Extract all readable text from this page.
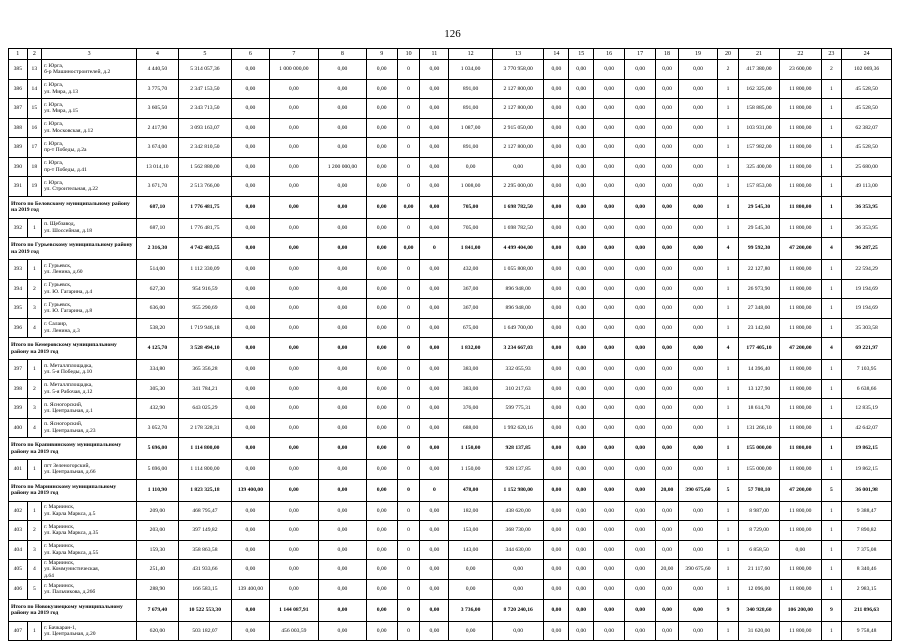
126
1	2	3	4	5	6	7	8	9	10	11	12	13	14	15	16	17	18	19	20	21	22	23	24
385	13	г. Юрга,
б-р Машиностроителей, д.2	4 440,50	5 314 057,36	0,00	1 000 000,00	0,00	0,00	0	0,00	1 034,00	3 770 958,00	0,00	0,00	0,00	0,00	0,00	0,00	2	417 380,00	23 600,00	2	102 069,36
386	14	г. Юрга,
ул. Мира, д.13	3 775,70	2 347 153,50	0,00	0,00	0,00	0,00	0	0,00	891,00	2 127 800,00	0,00	0,00	0,00	0,00	0,00	0,00	1	162 325,00	11 800,00	1	45 528,50
387	15	г. Юрга,
ул. Мира, д.15	3 605,50	2 343 713,50	0,00	0,00	0,00	0,00	0	0,00	891,00	2 127 800,00	0,00	0,00	0,00	0,00	0,00	0,00	1	158 885,00	11 800,00	1	45 528,50
388	16	г. Юрга,
ул. Московская, д.12	2 417,90	3 093 163,07	0,00	0,00	0,00	0,00	0	0,00	1 087,00	2 915 050,00	0,00	0,00	0,00	0,00	0,00	0,00	1	103 931,00	11 800,00	1	62 382,07
389	17	г. Юрга,
пр-т Победы, д.2а	3 674,00	2 342 810,50	0,00	0,00	0,00	0,00	0	0,00	891,00	2 127 800,00	0,00	0,00	0,00	0,00	0,00	0,00	1	157 982,00	11 800,00	1	45 528,50
390	18	г. Юрга,
пр-т Победы, д.41	13 014,10	1 562 880,00	0,00	0,00	1 200 000,00	0,00	0	0,00	0,00	0,00	0,00	0,00	0,00	0,00	0,00	0,00	1	325 400,00	11 800,00	1	25 680,00
391	19	г. Юрга,
ул. Строительная, д.22	3 671,70	2 513 766,00	0,00	0,00	0,00	0,00	0	0,00	1 008,00	2 295 000,00	0,00	0,00	0,00	0,00	0,00	0,00	1	157 853,00	11 800,00	1	49 113,00
Итого по Беловскому муниципальному району на 2019 год			687,10	1 776 481,75	0,00	0,00	0,00	0,00	0,00	0,00	705,00	1 698 782,50	0,00	0,00	0,00	0,00	0,00	0,00	1	29 545,30	11 800,00	1	36 353,95
392	1	п. Щебзавод,
ул. Шоссейная, д.18	687,10	1 776 481,75	0,00	0,00	0,00	0,00	0	0,00	705,00	1 698 782,50	0,00	0,00	0,00	0,00	0,00	0,00	1	29 545,30	11 800,00	1	36 353,95
Итого по Гурьевскому муниципальному району на 2019 год			2 316,30	4 742 483,55	0,00	0,00	0,00	0,00	0,00	0	1 841,00	4 499 404,00	0,00	0,00	0,00	0,00	0,00	0,00	4	99 592,30	47 200,00	4	96 287,25
393	1	г. Гурьевск,
ул. Ленина, д.60	514,00	1 112 330,09	0,00	0,00	0,00	0,00	0	0,00	432,00	1 055 808,00	0,00	0,00	0,00	0,00	0,00	0,00	1	22 127,80	11 800,00	1	22 594,29
394	2	г. Гурьевск,
ул. Ю. Гагарина, д.4	627,30	954 916,59	0,00	0,00	0,00	0,00	0	0,00	367,00	896 948,00	0,00	0,00	0,00	0,00	0,00	0,00	1	26 973,90	11 800,00	1	19 194,69
395	3	г. Гурьевск,
ул. Ю. Гагарина, д.8	636,00	955 290,69	0,00	0,00	0,00	0,00	0	0,00	367,00	896 948,00	0,00	0,00	0,00	0,00	0,00	0,00	1	27 348,00	11 800,00	1	19 194,69
396	4	г. Салаир,
ул. Ленина, д.3	538,20	1 719 946,18	0,00	0,00	0,00	0,00	0	0,00	675,00	1 649 700,00	0,00	0,00	0,00	0,00	0,00	0,00	1	23 142,60	11 800,00	1	35 303,58
Итого по Кемеровскому муниципальному району на 2019 год			4 125,70	3 528 494,10	0,00	0,00	0,00	0,00	0	0,00	1 832,00	3 234 667,03	0,00	0,00	0,00	0,00	0,00	0,00	4	177 405,10	47 200,00	4	69 221,97
397	1	п. Металлплощадка,
ул. 5-я Победы, д.10	334,80	365 356,28	0,00	0,00	0,00	0,00	0	0,00	383,00	332 055,93	0,00	0,00	0,00	0,00	0,00	0,00	1	14 396,40	11 800,00	1	7 103,95
398	2	п. Металлплощадка,
ул. 5-я Рабочая, д.12	305,30	341 784,21	0,00	0,00	0,00	0,00	0	0,00	383,00	310 217,63	0,00	0,00	0,00	0,00	0,00	0,00	1	13 127,90	11 800,00	1	6 638,66
399	3	п. Ясногорский,
ул. Центральная, д.1	432,90	643 025,29	0,00	0,00	0,00	0,00	0	0,00	376,00	599 775,31	0,00	0,00	0,00	0,00	0,00	0,00	1	18 614,70	11 800,00	1	12 835,19
400	4	п. Ясногорский,
ул. Центральная, д.23	3 052,70	2 178 328,31	0,00	0,00	0,00	0,00	0	0,00	688,00	1 992 620,16	0,00	0,00	0,00	0,00	0,00	0,00	1	131 266,10	11 800,00	1	42 642,07
Итого по Крапивинскому муниципальному району на 2019 год			5 696,00	1 114 800,00	0,00	0,00	0,00	0,00	0	0,00	1 150,00	928 137,85	0,00	0,00	0,00	0,00	0,00	0,00	1	155 000,00	11 800,00	1	19 862,15
401	1	пгт Зеленогорский,
ул. Центральная, д.66	5 696,00	1 114 800,00	0,00	0,00	0,00	0,00	0	0,00	1 150,00	928 137,85	0,00	0,00	0,00	0,00	0,00	0,00	1	155 000,00	11 800,00	1	19 862,15
Итого по Мариинскому муниципальному району на 2019 год			1 110,90	1 823 325,18	139 400,00	0,00	0,00	0,00	0	0	478,00	1 152 980,00	0,00	0,00	0,00	0,00	20,00	390 675,60	5	57 708,10	47 200,00	5	36 001,98
402	1	г. Мариинск,
ул. Карла Маркса, д.5	209,00	468 795,47	0,00	0,00	0,00	0,00	0	0,00	182,00	438 620,00	0,00	0,00	0,00	0,00	0,00	0,00	1	8 987,00	11 800,00	1	9 388,47
403	2	г. Мариинск,
ул. Карла Маркса, д.35	203,00	397 149,82	0,00	0,00	0,00	0,00	0	0,00	153,00	368 730,00	0,00	0,00	0,00	0,00	0,00	0,00	1	8 729,00	11 800,00	1	7 890,82
404	3	г. Мариинск,
ул. Карла Маркса, д.55	159,30	358 863,58	0,00	0,00	0,00	0,00	0	0,00	143,00	344 630,00	0,00	0,00	0,00	0,00	0,00	0,00	1	6 858,50	0,00	1	7 375,08
405	4	г. Мариинск,
ул. Коммунистическая,
д.64	251,40	431 933,66	0,00	0,00	0,00	0,00	0	0,00	0,00	0,00	0,00	0,00	0,00	0,00	20,00	390 675,60	1	21 117,60	11 800,00	1	8 340,46
406	5	г. Мариинск,
ул. Пальчикова, д.26б	288,90	166 583,15	139 400,00	0,00	0,00	0,00	0	0,00	0,00	0,00	0,00	0,00	0,00	0,00	0,00	0,00	1	12 096,00	11 800,00	1	2 983,15
Итого по Новокузнецкому муниципальному району на 2019 год			7 679,40	10 522 553,30	0,00	1 144 087,91	0,00	0,00	0	0,00	3 736,00	8 720 240,16	0,00	0,00	0,00	0,00	0,00	0,00	9	340 928,60	106 200,00	9	211 096,63
407	1	г. Бачкаран-1,
ул. Центральная, д.20	620,00	503 182,07	0,00	456 003,59	0,00	0,00	0	0,00	0,00	0,00	0,00	0,00	0,00	0,00	0,00	0,00	1	31 620,00	11 800,00	1	9 758,48
